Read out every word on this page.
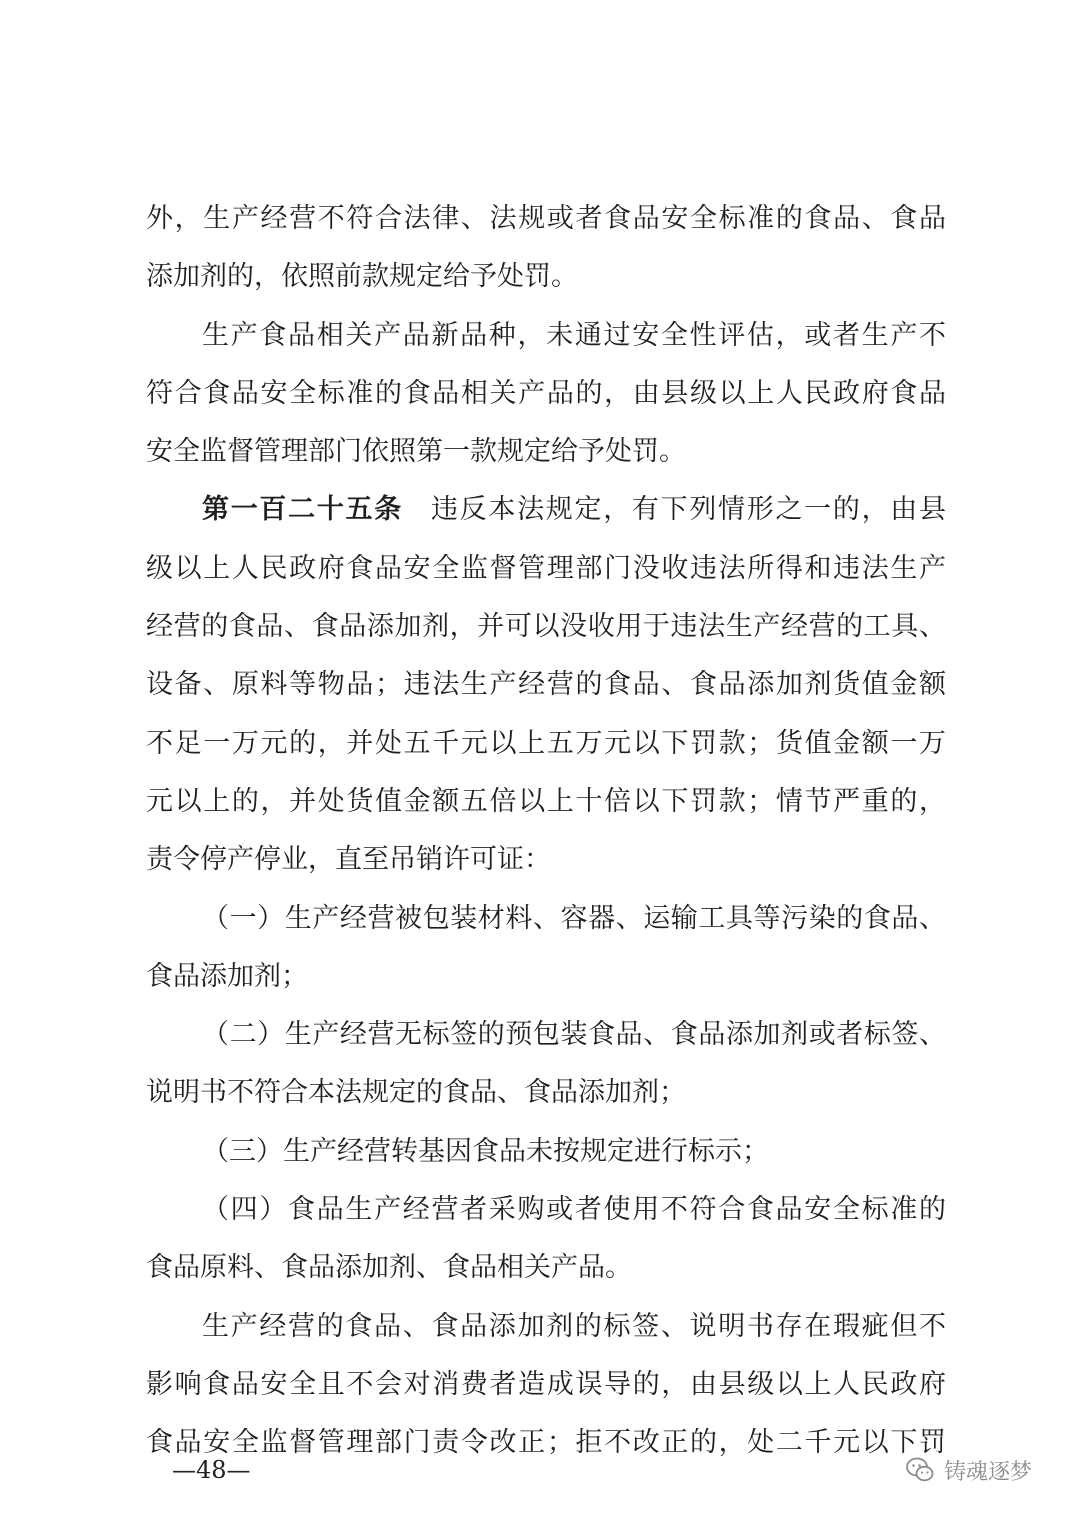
外，生产经营不符合法律、法规或者食品安全标准的食品、食品
添加剂的，依照前款规定给予处罚。
生产食品相关产品新品种，未通过安全性评估，或者生产不
符合食品安全标准的食品相关产品的，由县级以上人民政府食品
安全监督管理部门依照第一款规定给予处罚。
第一百二十五条 违反本法规定，有下列情形之一的，由县
级以上人民政府食品安全监督管理部门没收违法所得和违法生产
经营的食品、食品添加剂，并可以没收用于违法生产经营的工具、
设备、原料等物品；违法生产经营的食品、食品添加剂货值金额
不足一万元的，并处五千元以上五万元以下罚款；货值金额一万
元以上的，并处货值金额五倍以上十倍以下罚款；情节严重的，
责令停产停业，直至吊销许可证：
（一）生产经营被包装材料、容器、运输工具等污染的食品、
食品添加剂；
（二）生产经营无标签的预包装食品、食品添加剂或者标签、
说明书不符合本法规定的食品、食品添加剂；
（三）生产经营转基因食品未按规定进行标示；
（四）食品生产经营者采购或者使用不符合食品安全标准的
食品原料、食品添加剂、食品相关产品。
生产经营的食品、食品添加剂的标签、说明书存在瑕疵但不
影响食品安全且不会对消费者造成误导的，由县级以上人民政府
食品安全监督管理部门责令改正；拒不改正的，处二千元以下罚
—48—	铸魂逐梦
